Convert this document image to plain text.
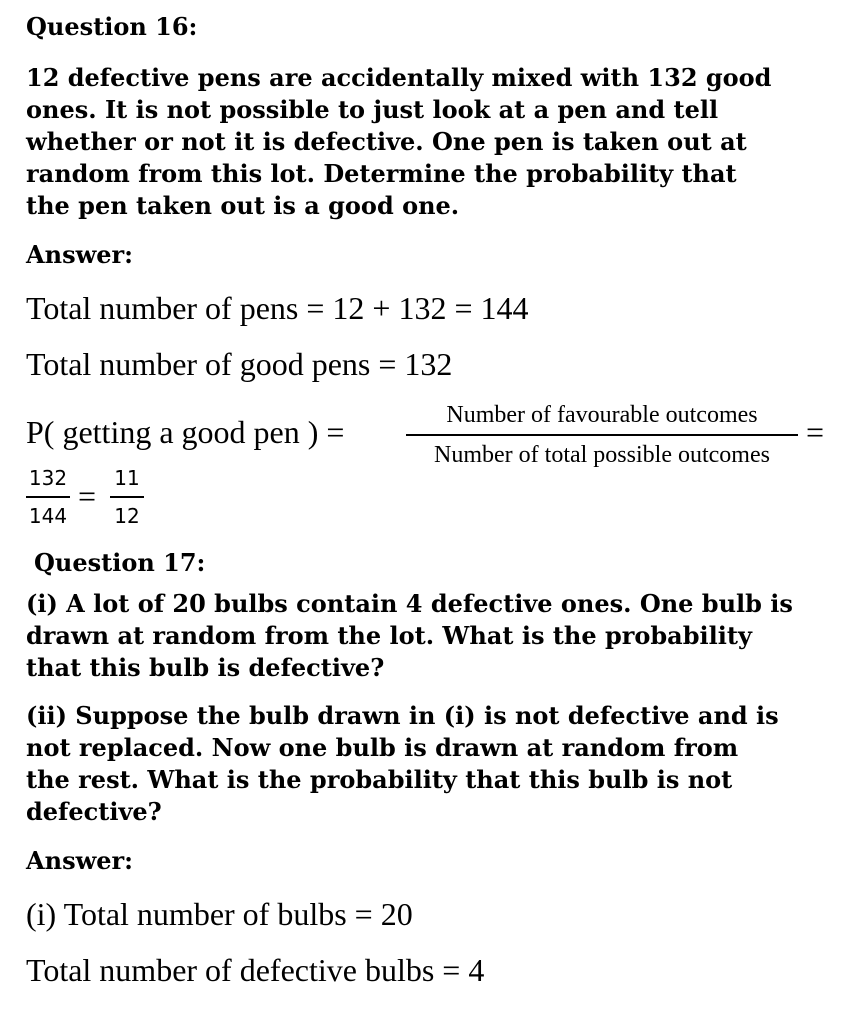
Question 16:
12 defective pens are accidentally mixed with 132 good
ones. It is not possible to just look at a pen and tell
whether or not it is defective. One pen is taken out at
random from this lot. Determine the probability that
the pen taken out is a good one.
Answer:
Total number of pens = 12 + 132 = 144
Total number of good pens = 132
P( getting a good pen ) =	Number of favourable outcomes
Number of total possible outcomes
=
132
144
= 11
12
Question 17:
(i) A lot of 20 bulbs contain 4 defective ones. One bulb is
drawn at random from the lot. What is the probability
that this bulb is defective?
(ii) Suppose the bulb drawn in (i) is not defective and is
not replaced. Now one bulb is drawn at random from
the rest. What is the probability that this bulb is not
defective?
Answer:
(i) Total number of bulbs = 20
Total number of defective bulbs = 4
